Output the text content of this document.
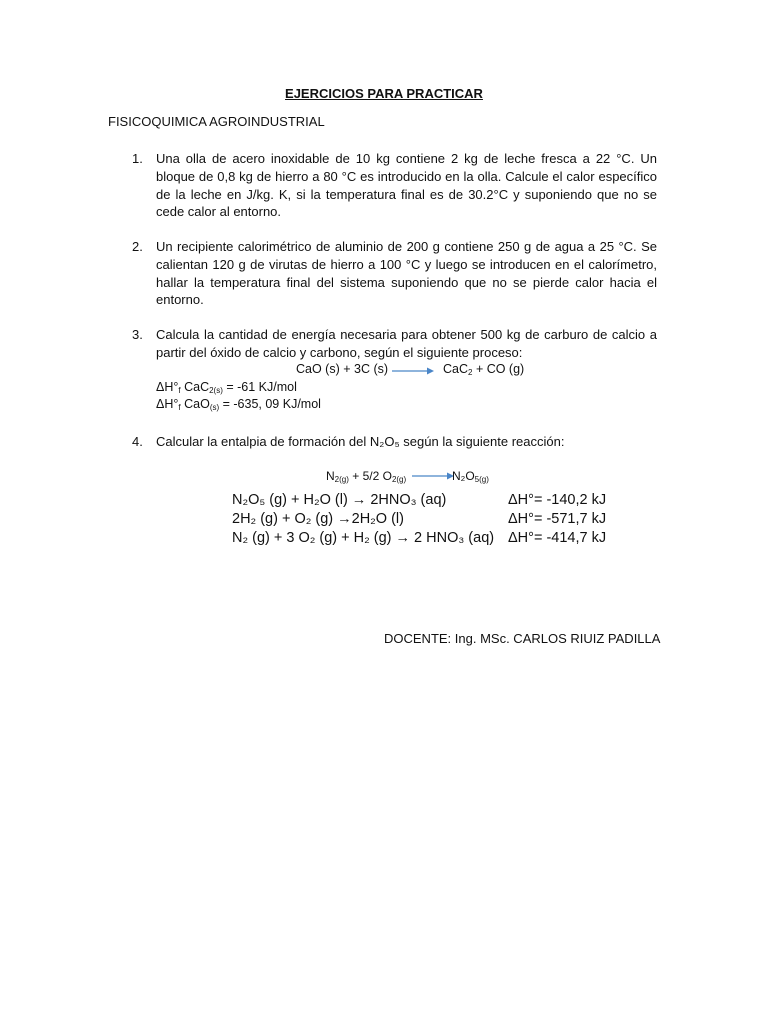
EJERCICIOS PARA PRACTICAR
FISICOQUIMICA AGROINDUSTRIAL
1. Una olla de acero inoxidable de 10 kg contiene 2 kg de leche fresca a 22 °C. Un bloque de 0,8 kg de hierro a 80 °C es introducido en la olla. Calcule el calor específico de la leche en J/kg. K, si la temperatura final es de 30.2°C y suponiendo que no se cede calor al entorno.
2. Un recipiente calorimétrico de aluminio de 200 g contiene 250 g de agua a 25 °C. Se calientan 120 g de virutas de hierro a 100 °C y luego se introducen en el calorímetro, hallar la temperatura final del sistema suponiendo que no se pierde calor hacia el entorno.
3. Calcula la cantidad de energía necesaria para obtener 500 kg de carburo de calcio a partir del óxido de calcio y carbono, según el siguiente proceso:
CaO (s) + 3C (s) → CaC$_2$ + CO (g)
$\Delta H^\circ_f$ CaC$_{2(s)}$ = -61 KJ/mol
$\Delta H^\circ_f$ CaO$_{(s)}$ = -635, 09 KJ/mol
4. Calcular la entalpia de formación del N₂O₅ según la siguiente reacción:
$N_{2(g)} + 5/2$ $O_{2(g)}$ →
$N_2O_{5(g)}$
N₂O₅ (g) + H₂O (l) → 2HNO₃ (aq)	ΔH°= -140,2 kJ
2H₂ (g) + O₂ (g) →2H₂O (l)	ΔH°= -571,7 kJ
N₂ (g) + 3 O₂ (g) + H₂ (g) → 2 HNO₃ (aq) ΔH°= -414,7 kJ
DOCENTE: Ing. MSc. CARLOS RIUIZ PADILLA
